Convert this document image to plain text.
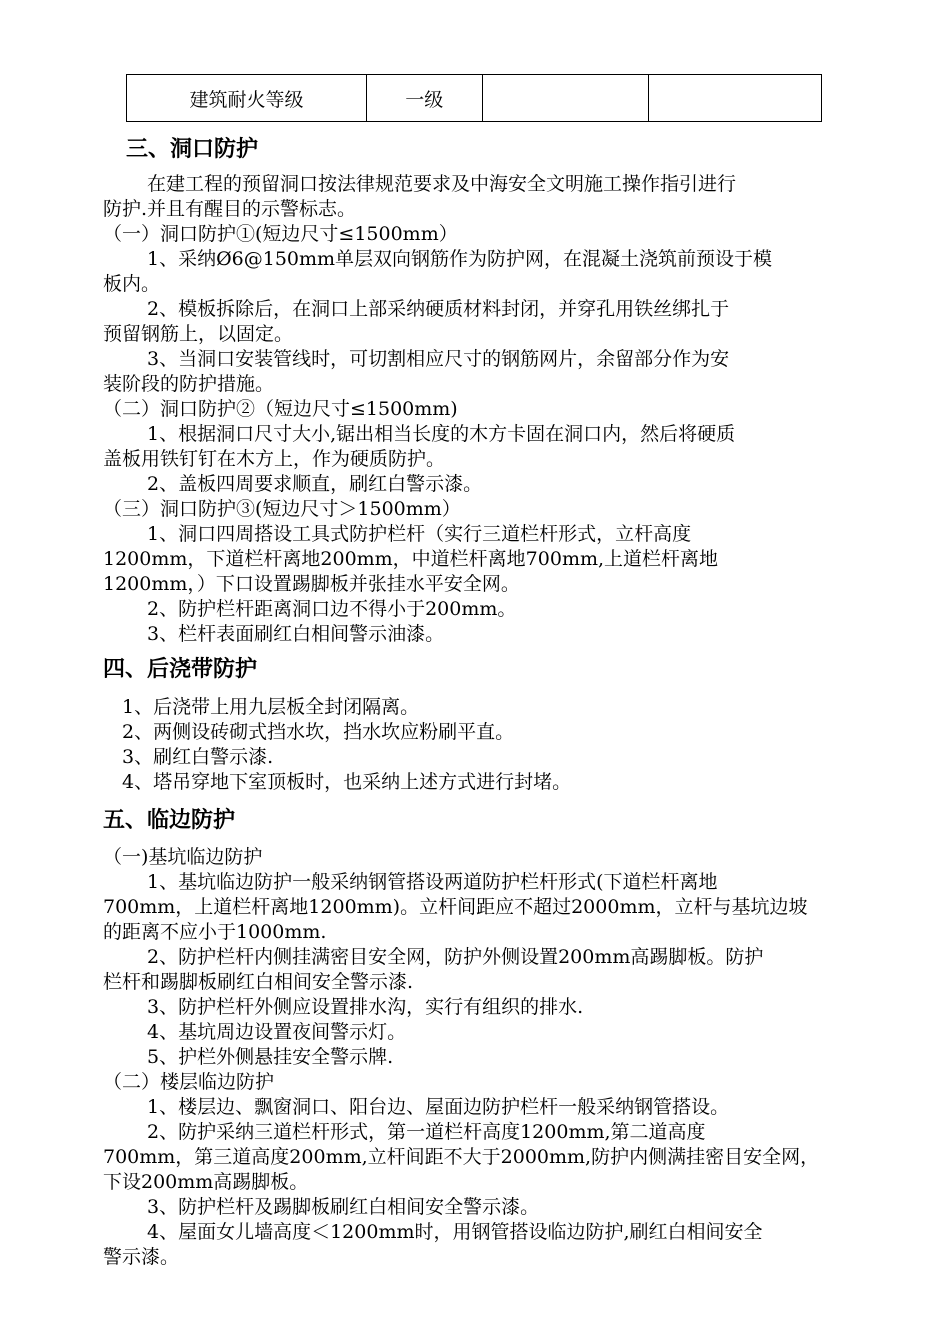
建筑耐火等级	一级		
三、洞口防护
在建工程的预留洞口按法律规范要求及中海安全文明施工操作指引进行
防护.并且有醒目的示警标志。
（一）洞口防护①(短边尺寸≤1500mm）
1、采纳Ø6@150mm单层双向钢筋作为防护网，在混凝土浇筑前预设于模
板内。
2、模板拆除后，在洞口上部采纳硬质材料封闭，并穿孔用铁丝绑扎于
预留钢筋上，以固定。
3、当洞口安装管线时，可切割相应尺寸的钢筋网片，余留部分作为安
装阶段的防护措施。
（二）洞口防护②（短边尺寸≤1500mm)
1、根据洞口尺寸大小,锯出相当长度的木方卡固在洞口内，然后将硬质
盖板用铁钉钉在木方上，作为硬质防护。
2、盖板四周要求顺直，刷红白警示漆。
（三）洞口防护③(短边尺寸＞1500mm）
1、洞口四周搭设工具式防护栏杆（实行三道栏杆形式，立杆高度
1200mm，下道栏杆离地200mm，中道栏杆离地700mm,上道栏杆离地
1200mm，）下口设置踢脚板并张挂水平安全网。
2、防护栏杆距离洞口边不得小于200mm。
3、栏杆表面刷红白相间警示油漆。
四、后浇带防护
1、后浇带上用九层板全封闭隔离。
2、两侧设砖砌式挡水坎，挡水坎应粉刷平直。
3、刷红白警示漆.
4、塔吊穿地下室顶板时，也采纳上述方式进行封堵。
五、临边防护
（一)基坑临边防护
1、基坑临边防护一般采纳钢管搭设两道防护栏杆形式(下道栏杆离地
700mm，上道栏杆离地1200mm)。立杆间距应不超过2000mm，立杆与基坑边坡
的距离不应小于1000mm.
2、防护栏杆内侧挂满密目安全网，防护外侧设置200mm高踢脚板。防护
栏杆和踢脚板刷红白相间安全警示漆.
3、防护栏杆外侧应设置排水沟，实行有组织的排水.
4、基坑周边设置夜间警示灯。
5、护栏外侧悬挂安全警示牌.
（二）楼层临边防护
1、楼层边、飘窗洞口、阳台边、屋面边防护栏杆一般采纳钢管搭设。
2、防护采纳三道栏杆形式，第一道栏杆高度1200mm,第二道高度
700mm，第三道高度200mm,立杆间距不大于2000mm,防护内侧满挂密目安全网，
下设200mm高踢脚板。
3、防护栏杆及踢脚板刷红白相间安全警示漆。
4、屋面女儿墙高度＜1200mm时，用钢管搭设临边防护,刷红白相间安全
警示漆。
